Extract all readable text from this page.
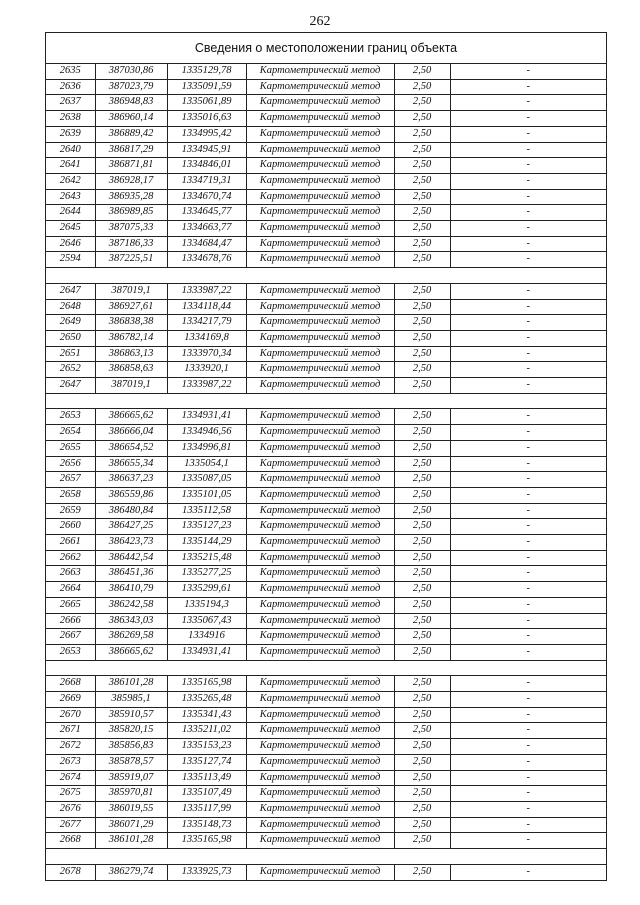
262
Сведения о местоположении границ объекта
2635	387030,86	1335129,78	Картометрический метод	2,50	-
2636	387023,79	1335091,59	Картометрический метод	2,50	-
2637	386948,83	1335061,89	Картометрический метод	2,50	-
2638	386960,14	1335016,63	Картометрический метод	2,50	-
2639	386889,42	1334995,42	Картометрический метод	2,50	-
2640	386817,29	1334945,91	Картометрический метод	2,50	-
2641	386871,81	1334846,01	Картометрический метод	2,50	-
2642	386928,17	1334719,31	Картометрический метод	2,50	-
2643	386935,28	1334670,74	Картометрический метод	2,50	-
2644	386989,85	1334645,77	Картометрический метод	2,50	-
2645	387075,33	1334663,77	Картометрический метод	2,50	-
2646	387186,33	1334684,47	Картометрический метод	2,50	-
2594	387225,51	1334678,76	Картометрический метод	2,50	-

2647	387019,1	1333987,22	Картометрический метод	2,50	-
2648	386927,61	1334118,44	Картометрический метод	2,50	-
2649	386838,38	1334217,79	Картометрический метод	2,50	-
2650	386782,14	1334169,8	Картометрический метод	2,50	-
2651	386863,13	1333970,34	Картометрический метод	2,50	-
2652	386858,63	1333920,1	Картометрический метод	2,50	-
2647	387019,1	1333987,22	Картометрический метод	2,50	-

2653	386665,62	1334931,41	Картометрический метод	2,50	-
2654	386666,04	1334946,56	Картометрический метод	2,50	-
2655	386654,52	1334996,81	Картометрический метод	2,50	-
2656	386655,34	1335054,1	Картометрический метод	2,50	-
2657	386637,23	1335087,05	Картометрический метод	2,50	-
2658	386559,86	1335101,05	Картометрический метод	2,50	-
2659	386480,84	1335112,58	Картометрический метод	2,50	-
2660	386427,25	1335127,23	Картометрический метод	2,50	-
2661	386423,73	1335144,29	Картометрический метод	2,50	-
2662	386442,54	1335215,48	Картометрический метод	2,50	-
2663	386451,36	1335277,25	Картометрический метод	2,50	-
2664	386410,79	1335299,61	Картометрический метод	2,50	-
2665	386242,58	1335194,3	Картометрический метод	2,50	-
2666	386343,03	1335067,43	Картометрический метод	2,50	-
2667	386269,58	1334916	Картометрический метод	2,50	-
2653	386665,62	1334931,41	Картометрический метод	2,50	-

2668	386101,28	1335165,98	Картометрический метод	2,50	-
2669	385985,1	1335265,48	Картометрический метод	2,50	-
2670	385910,57	1335341,43	Картометрический метод	2,50	-
2671	385820,15	1335211,02	Картометрический метод	2,50	-
2672	385856,83	1335153,23	Картометрический метод	2,50	-
2673	385878,57	1335127,74	Картометрический метод	2,50	-
2674	385919,07	1335113,49	Картометрический метод	2,50	-
2675	385970,81	1335107,49	Картометрический метод	2,50	-
2676	386019,55	1335117,99	Картометрический метод	2,50	-
2677	386071,29	1335148,73	Картометрический метод	2,50	-
2668	386101,28	1335165,98	Картометрический метод	2,50	-

2678	386279,74	1333925,73	Картометрический метод	2,50	-
